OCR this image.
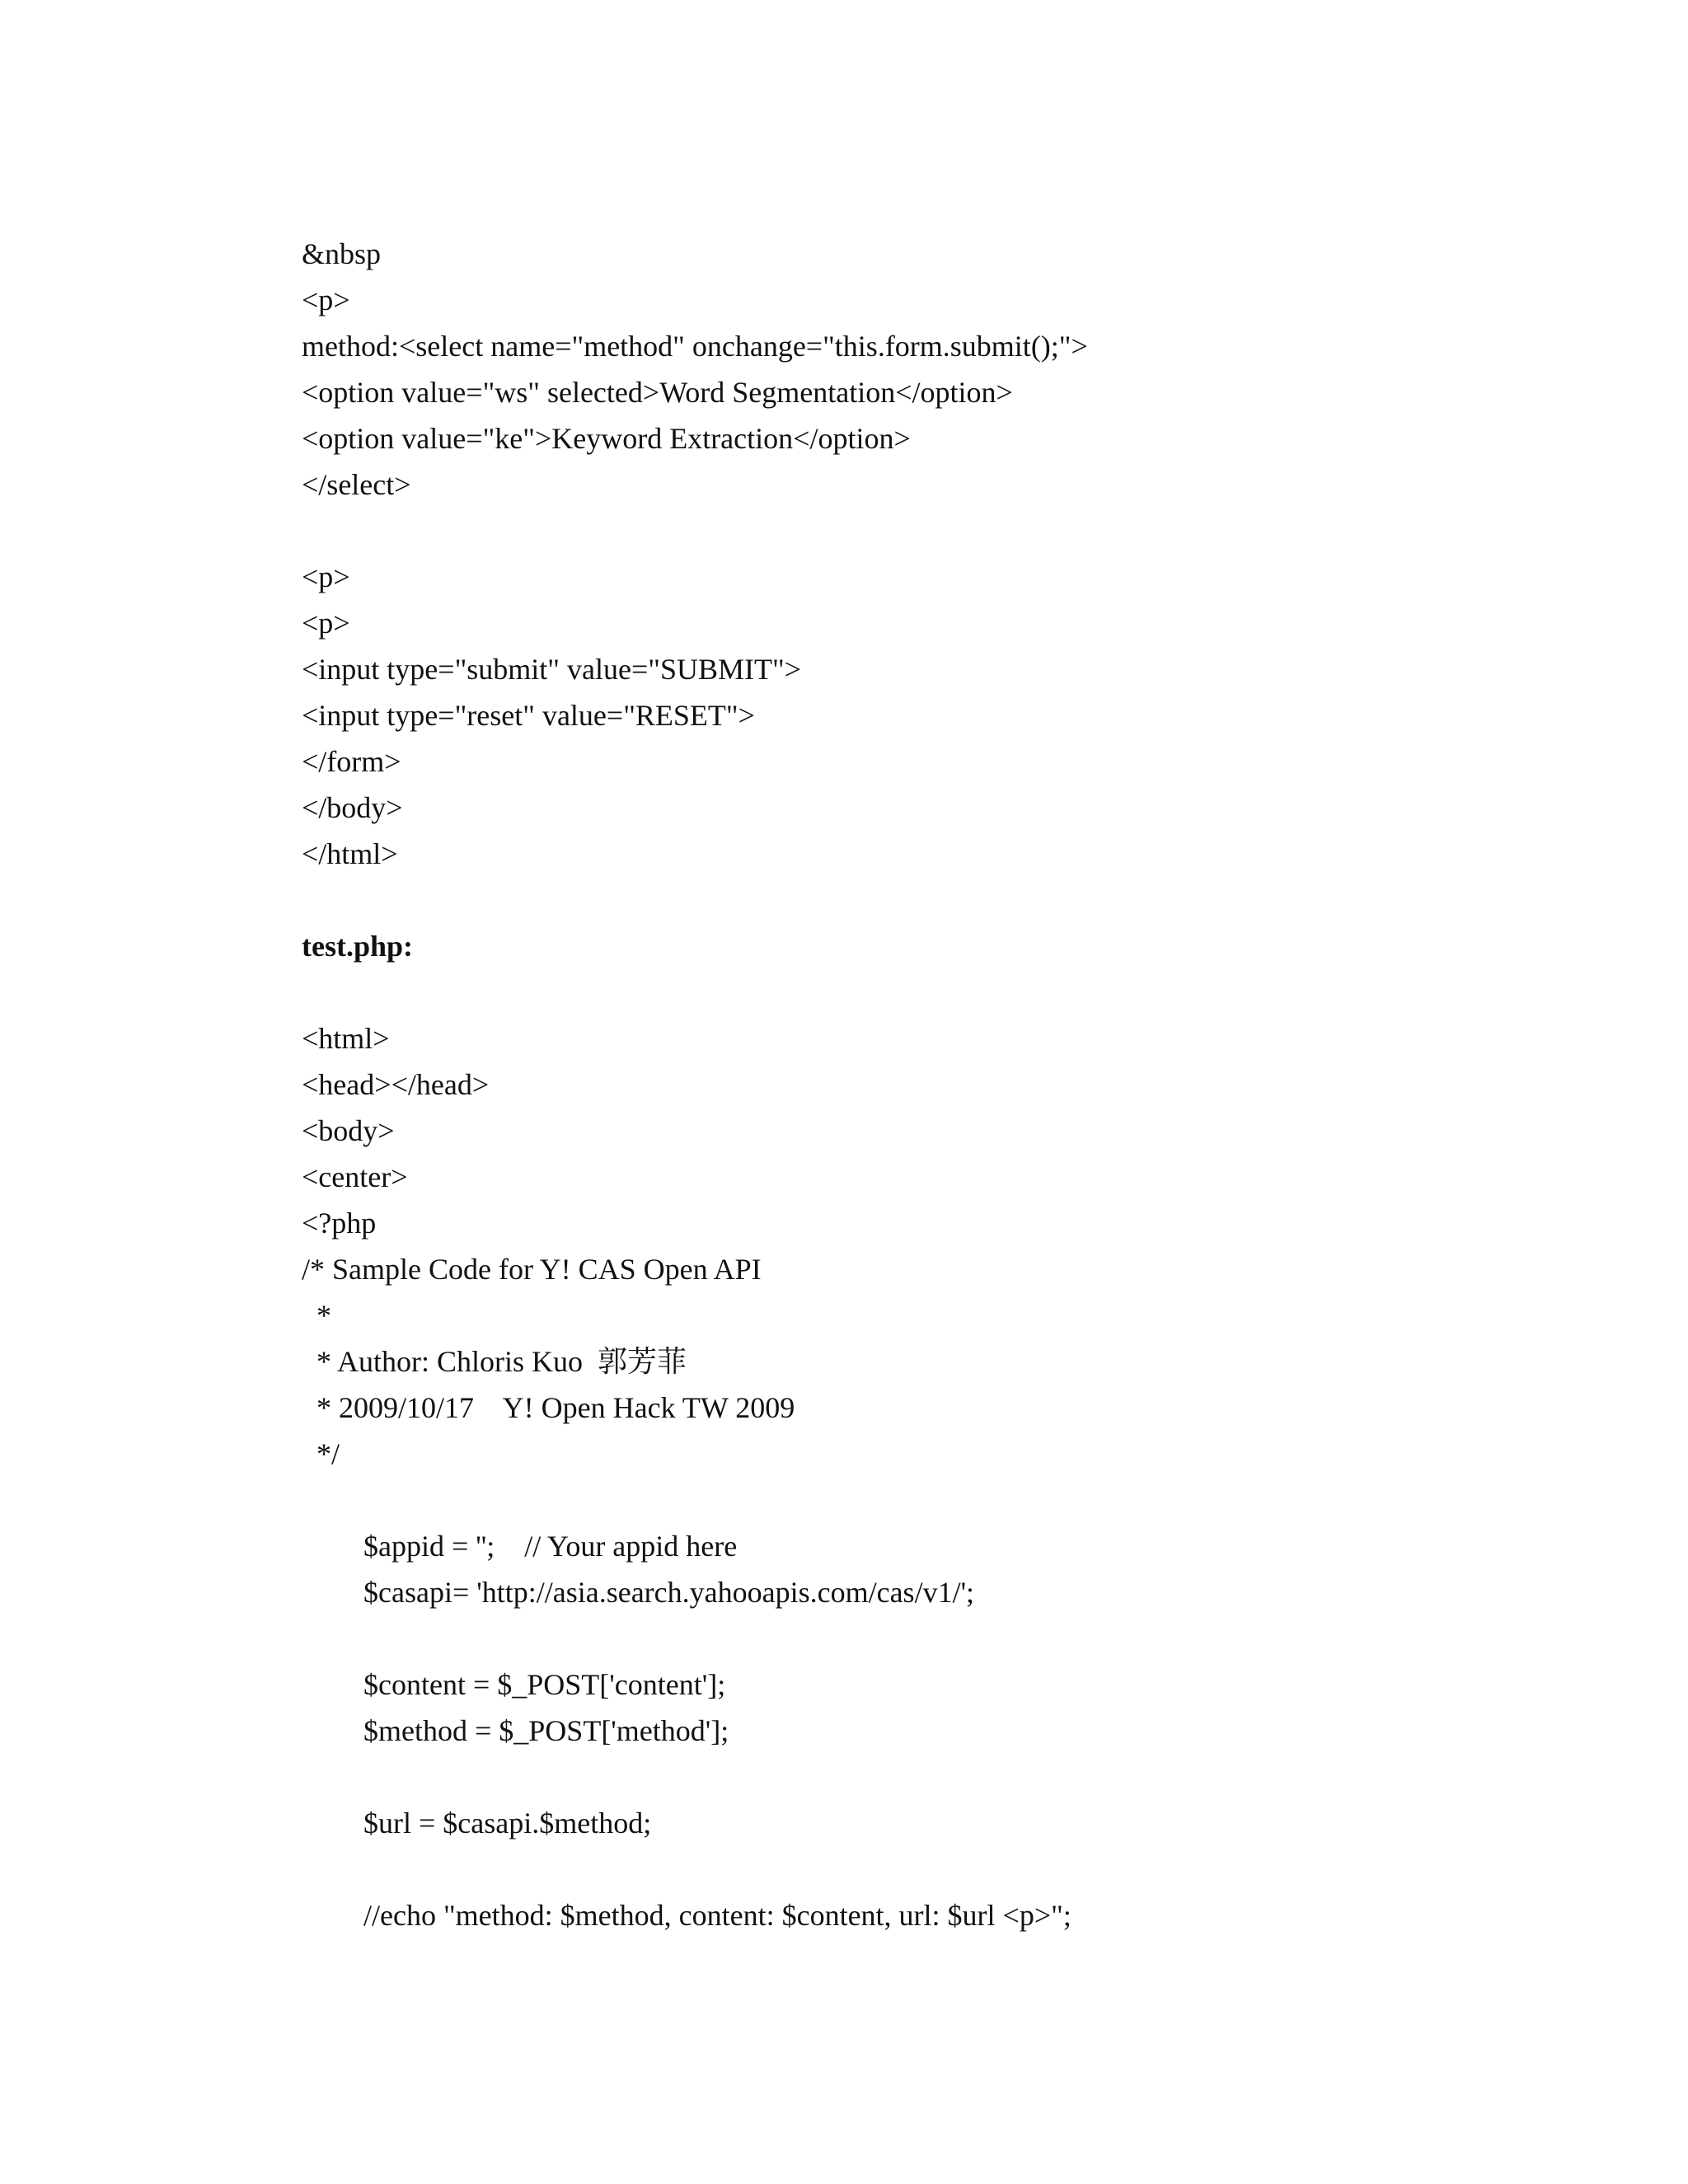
&nbsp
<p>
method:<select name="method" onchange="this.form.submit();">
<option value="ws" selected>Word Segmentation</option>
<option value="ke">Keyword Extraction</option>
</select>
<p>
<p>
<input type="submit" value="SUBMIT">
<input type="reset" value="RESET">
</form>
</body>
</html>
test.php:
<html>
<head></head>
<body>
<center>
<?php
/* Sample Code for Y! CAS Open API
*
* Author: Chloris Kuo  郭芳菲
* 2009/10/17    Y! Open Hack TW 2009
*/
$appid = '';    // Your appid here
$casapi= 'http://asia.search.yahooapis.com/cas/v1/';
$content = $_POST['content'];
$method = $_POST['method'];
$url = $casapi.$method;
//echo "method: $method, content: $content, url: $url <p>";
